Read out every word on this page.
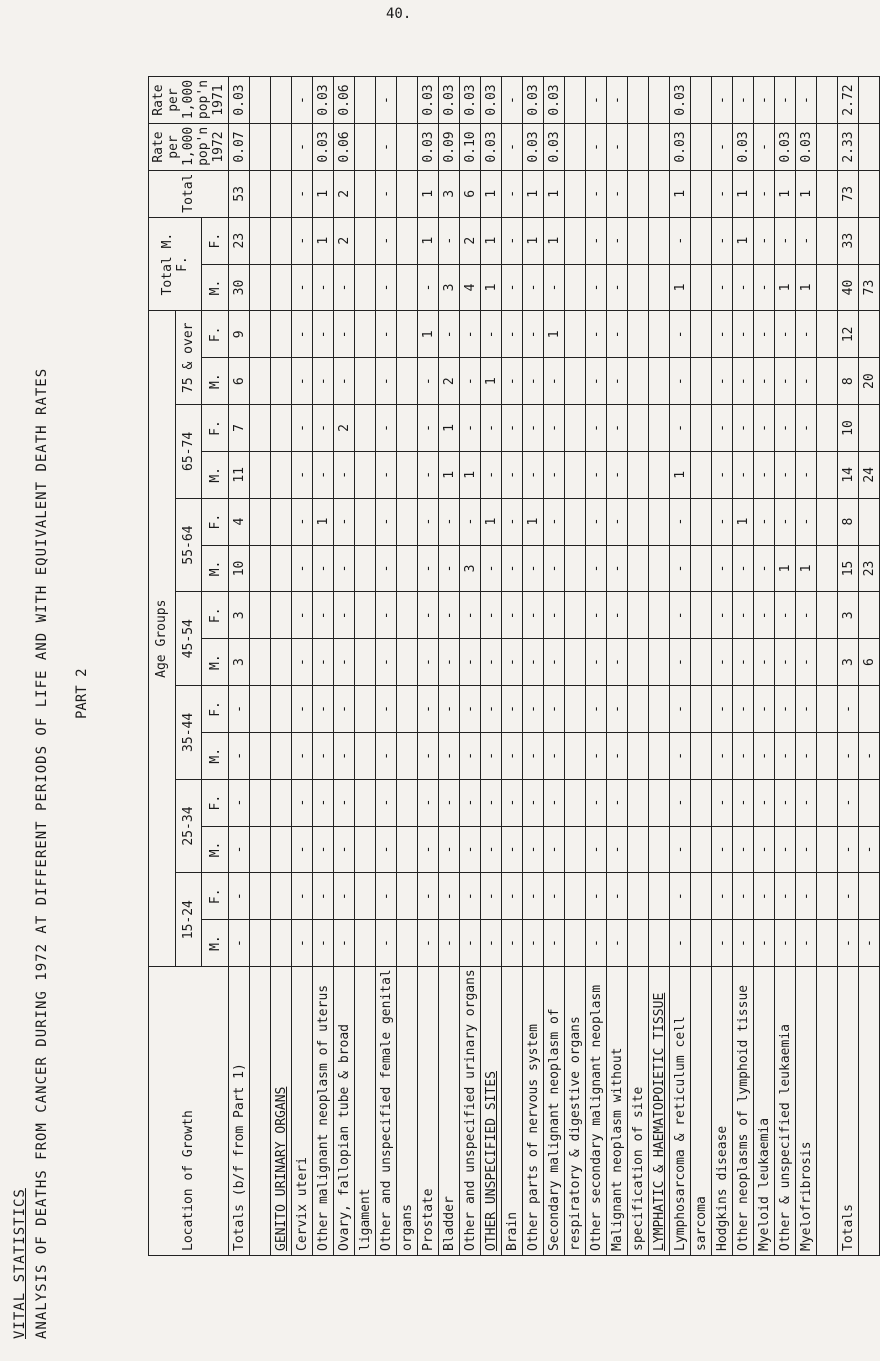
40.
VITAL STATISTICS ANALYSIS OF DEATHS FROM CANCER DURING 1972 AT DIFFERENT PERIODS OF LIFE AND WITH EQUIVALENT DEATH RATES PART 2
Location of Growth	Age Groups														Total M. F.		Total	Rate per 1,000 pop'n 1972	Rate per 1,000 pop'n 1971
	15-24		25-34		35-44		45-54		55-64		65-74		75 & over						
	M.	F.	M.	F.	M.	F.	M.	F.	M.	F.	M.	F.	M.	F.	M.	F.			
Totals (b/f from Part 1)	-	-	-	-	-	-	3	3	10	4	11	7	6	9	30	23	53	0.07	0.03

GENITO URINARY ORGANS																			
Cervix uteri	-	-	-	-	-	-	-	-	-	-	-	-	-	-	-	-	-	-	-
Other malignant neoplasm of uterus	-	-	-	-	-	-	-	-	-	1	-	-	-	-	-	1	1	0.03	0.03
Ovary, fallopian tube & broad	-	-	-	-	-	-	-	-	-	-	-	2	-	-	-	2	2	0.06	0.06
ligament																			
Other and unspecified female genital	-	-	-	-	-	-	-	-	-	-	-	-	-	-	-	-	-	-	-
organs																			
Prostate	-	-	-	-	-	-	-	-	-	-	-	-	-	1	-	1	1	0.03	0.03
Bladder	-	-	-	-	-	-	-	-	-	-	1	1	2	-	3	-	3	0.09	0.03
Other and unspecified urinary organs	-	-	-	-	-	-	-	-	3	-	1	-	-	-	4	2	6	0.10	0.03
OTHER UNSPECIFIED SITES	-	-	-	-	-	-	-	-	-	1	-	-	1	-	1	1	1	0.03	0.03
Brain	-	-	-	-	-	-	-	-	-	-	-	-	-	-	-	-	-	-	-
Other parts of nervous system	-	-	-	-	-	-	-	-	-	1	-	-	-	-	-	1	1	0.03	0.03
Secondary malignant neoplasm of	-	-	-	-	-	-	-	-	-	-	-	-	-	1	-	1	1	0.03	0.03
respiratory & digestive organs																			
Other secondary malignant neoplasm	-	-	-	-	-	-	-	-	-	-	-	-	-	-	-	-	-	-	-
Malignant neoplasm without	-	-	-	-	-	-	-	-	-	-	-	-	-	-	-	-	-	-	-
specification of site																			
LYMPHATIC & HAEMATOPOIETIC TISSUE																			
Lymphosarcoma & reticulum cell	-	-	-	-	-	-	-	-	-	-	1	-	-	-	1	-	1	0.03	0.03
sarcoma																			
Hodgkins disease	-	-	-	-	-	-	-	-	-	-	-	-	-	-	-	-	-	-	-
Other neoplasms of lymphoid tissue	-	-	-	-	-	-	-	-	-	1	-	-	-	-	-	1	1	0.03	-
Myeloid leukaemia	-	-	-	-	-	-	-	-	-	-	-	-	-	-	-	-	-	-	-
Other & unspecified leukaemia	-	-	-	-	-	-	-	-	1	-	-	-	-	-	1	-	1	0.03	-
Myelofribrosis	-	-	-	-	-	-	-	-	1	-	-	-	-	-	1	-	1	0.03	-

Totals	-	-	-	-	-	-	3	3	15	8	14	10	8	12	40	33	73	2.33	2.72
	-		-		-		6		23		24		20		73				
